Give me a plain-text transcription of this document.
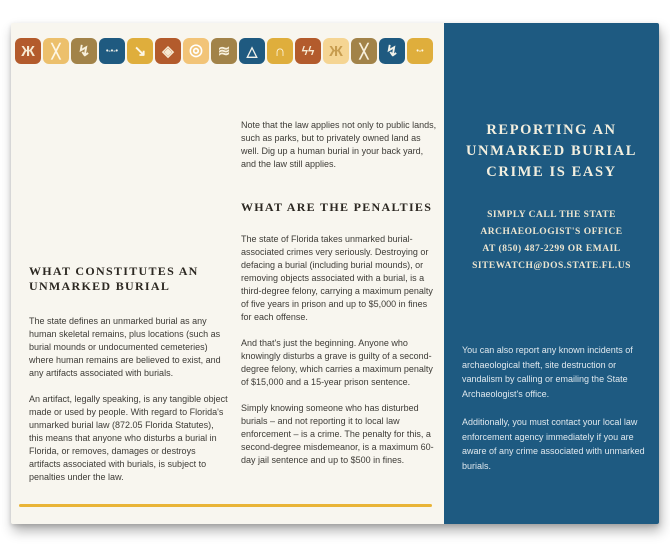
Ж ╳ ↯ •-•-• ↘ ◈ ◎ ≋ △ ∩ ϟϟ Ж ╳ ↯	•-•
WHAT CONSTITUTES AN UNMARKED BURIAL

The state defines an unmarked burial as any human skeletal remains, plus locations (such as burial mounds or undocumented cemeteries) where human remains are believed to exist, and any artifacts associated with burials.

An artifact, legally speaking, is any tangible object made or used by people. With regard to Florida's unmarked burial law (872.05 Florida Statutes), this means that anyone who disturbs a burial in Florida, or removes, damages or destroys artifacts associated with burials, is subject to penalties under the law.

Note that the law applies not only to public lands, such as parks, but to privately owned land as well. Dig up a human burial in your back yard, and the law still applies.

WHAT ARE THE PENALTIES

The state of Florida takes unmarked burial-associated crimes very seriously. Destroying or defacing a burial (including burial mounds), or removing objects associated with a burial, is a third-degree felony, carrying a maximum penalty of five years in prison and up to $5,000 in fines for each offense.

And that's just the beginning. Anyone who knowingly disturbs a grave is guilty of a second-degree felony, which carries a maximum penalty of $15,000 and a 15-year prison sentence.

Simply knowing someone who has disturbed burials – and not reporting it to local law enforcement – is a crime. The penalty for this, a second-degree misdemeanor, is a maximum 60-day jail sentence and up to $500 in fines.

REPORTING AN
UNMARKED BURIAL
CRIME IS EASY
SIMPLY CALL THE STATE
ARCHAEOLOGIST'S OFFICE
AT (850) 487-2299 OR EMAIL
SITEWATCH@DOS.STATE.FL.US

You can also report any known incidents of archaeological theft, site destruction or vandalism by calling or emailing the State Archaeologist's office.

Additionally, you must contact your local law enforcement agency immediately if you are aware of any crime associated with unmarked burials.
